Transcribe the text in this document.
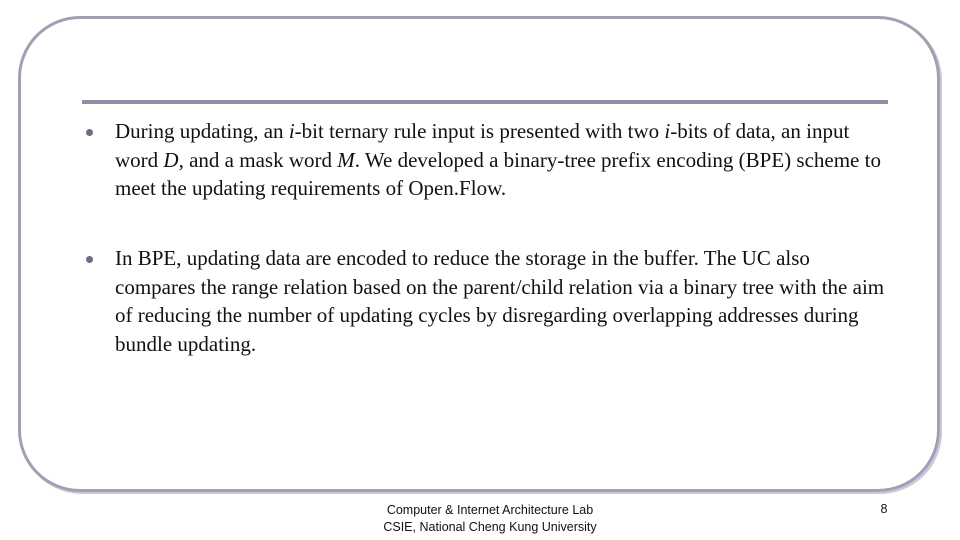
During updating, an i-bit ternary rule input is presented with two i-bits of data, an input word D, and a mask word M. We developed a binary-tree prefix encoding (BPE) scheme to meet the updating requirements of Open.Flow.
In BPE, updating data are encoded to reduce the storage in the buffer. The UC also compares the range relation based on the parent/child relation via a binary tree with the aim of reducing the number of updating cycles by disregarding overlapping addresses during bundle updating.
Computer & Internet Architecture Lab
CSIE, National Cheng Kung University
8
